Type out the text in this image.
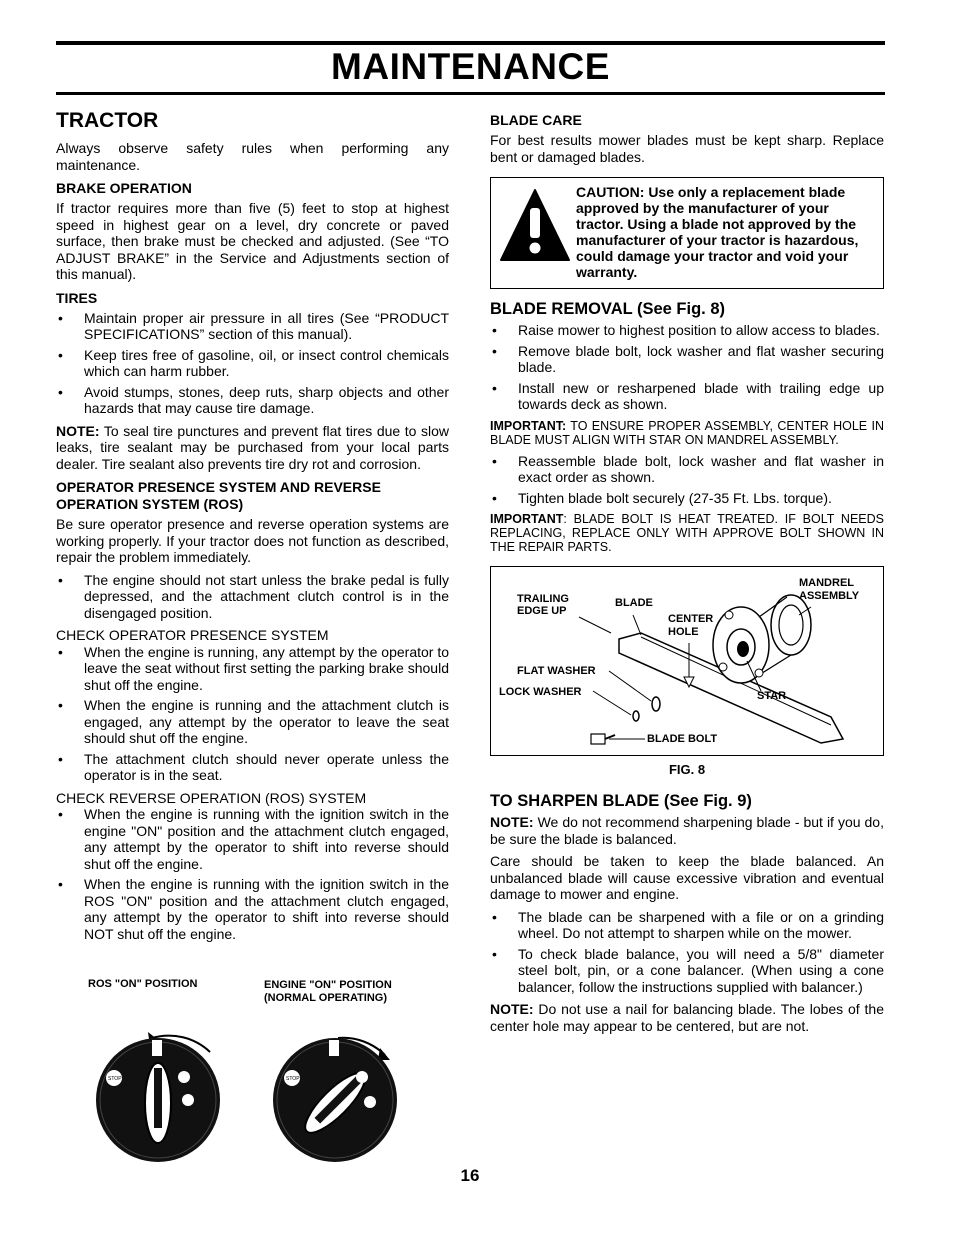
MAINTENANCE
TRACTOR
Always observe safety rules when performing any maintenance.
BRAKE OPERATION
If tractor requires more than five (5) feet to stop at highest speed in highest gear on a level, dry concrete or paved surface, then brake must be checked and adjusted. (See “TO ADJUST BRAKE” in the Service and Adjustments section of this manual).
TIRES
• Maintain proper air pressure in all tires (See “PRODUCT SPECIFICATIONS” section of this manual).
• Keep tires free of gasoline, oil, or insect control chemicals which can harm rubber.
• Avoid stumps, stones, deep ruts, sharp objects and other hazards that may cause tire damage.
NOTE: To seal tire punctures and prevent flat tires due to slow leaks, tire sealant may be purchased from your local parts dealer. Tire sealant also prevents tire dry rot and corrosion.
OPERATOR PRESENCE SYSTEM AND REVERSE OPERATION SYSTEM (ROS)
Be sure operator presence and reverse operation systems are working properly. If your tractor does not function as described, repair the problem immediately.
• The engine should not start unless the brake pedal is fully depressed, and the attachment clutch control is in the disengaged position.
CHECK OPERATOR PRESENCE SYSTEM
• When the engine is running, any attempt by the operator to leave the seat without first setting the parking brake should shut off the engine.
• When the engine is running and the attachment clutch is engaged, any attempt by the operator to leave the seat should shut off the engine.
• The attachment clutch should never operate unless the operator is in the seat.
CHECK REVERSE OPERATION (ROS) SYSTEM
• When the engine is running with the ignition switch in the engine "ON" position and the attachment clutch engaged, any attempt by the operator to shift into reverse should shut off the engine.
• When the engine is running with the ignition switch in the ROS "ON" position and the attachment clutch engaged, any attempt by the operator to shift into reverse should NOT shut off the engine.
ROS "ON" POSITION	ENGINE "ON" POSITION
(NORMAL OPERATING)
STOP	STOP
BLADE CARE
For best results mower blades must be kept sharp. Replace bent or damaged blades.
CAUTION: Use only a replacement blade approved by the manufacturer of your tractor. Using a blade not approved by the manufacturer of your tractor is hazardous, could damage your tractor and void your warranty.
BLADE REMOVAL (See Fig. 8)
• Raise mower to highest position to allow access to blades.
• Remove blade bolt, lock washer and flat washer securing blade.
• Install new or resharpened blade with trailing edge up towards deck as shown.
IMPORTANT: TO ENSURE PROPER ASSEMBLY, CENTER HOLE IN BLADE MUST ALIGN WITH STAR ON MANDREL ASSEMBLY.
• Reassemble blade bolt, lock washer and flat washer in exact order as shown.
• Tighten blade bolt securely (27-35 Ft. Lbs. torque).
IMPORTANT: BLADE BOLT IS HEAT TREATED. IF BOLT NEEDS REPLACING, REPLACE ONLY WITH APPROVE BOLT SHOWN IN THE REPAIR PARTS.
TRAILING
EDGE UP
BLADE
CENTER
HOLE
MANDREL
ASSEMBLY
FLAT WASHER
LOCK WASHER	STAR
BLADE BOLT
FIG. 8
TO SHARPEN BLADE (See Fig. 9)
NOTE: We do not recommend sharpening blade - but if you do, be sure the blade is balanced.
Care should be taken to keep the blade balanced. An unbalanced blade will cause excessive vibration and eventual damage to mower and engine.
• The blade can be sharpened with a file or on a grinding wheel. Do not attempt to sharpen while on the mower.
• To check blade balance, you will need a 5/8" diameter steel bolt, pin, or a cone balancer. (When using a cone balancer, follow the instructions supplied with balancer.)
NOTE: Do not use a nail for balancing blade. The lobes of the center hole may appear to be centered, but are not.
16
